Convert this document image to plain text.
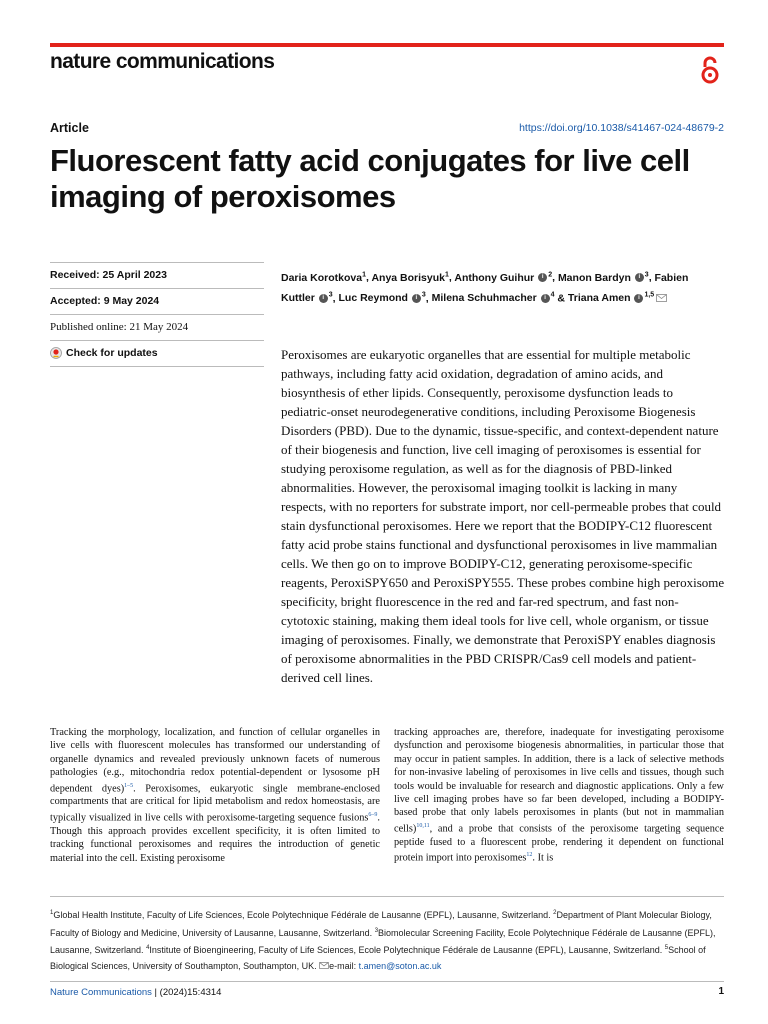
nature communications
Article	https://doi.org/10.1038/s41467-024-48679-2
Fluorescent fatty acid conjugates for live cell imaging of peroxisomes
Received: 25 April 2023
Accepted: 9 May 2024
Published online: 21 May 2024
Check for updates
Daria Korotkova$^1$, Anya Borisyuk$^1$, Anthony Guihur i $^2$, Manon Bardyn i $^3$, Fabien Kuttler i $^3$, Luc Reymond i $^3$, Milena Schuhmacher i $^4$ & Triana Amen i $^{1,5}$

Peroxisomes are eukaryotic organelles that are essential for multiple metabolic pathways, including fatty acid oxidation, degradation of amino acids, and biosynthesis of ether lipids. Consequently, peroxisome dysfunction leads to pediatric-onset neurodegenerative conditions, including Peroxisome Biogenesis Disorders (PBD). Due to the dynamic, tissue-specific, and context-dependent nature of their biogenesis and function, live cell imaging of peroxisomes is essential for studying peroxisome regulation, as well as for the diagnosis of PBD-linked abnormalities. However, the peroxisomal imaging toolkit is lacking in many respects, with no reporters for substrate import, nor cell-permeable probes that could stain dysfunctional peroxisomes. Here we report that the BODIPY-C12 fluorescent fatty acid probe stains functional and dysfunctional peroxisomes in live mammalian cells. We then go on to improve BODIPY-C12, generating peroxisome-specific reagents, PeroxiSPY650 and PeroxiSPY555. These probes combine high peroxisome specificity, bright fluorescence in the red and far-red spectrum, and fast non-cytotoxic staining, making them ideal tools for live cell, whole organism, or tissue imaging of peroxisomes. Finally, we demonstrate that PeroxiSPY enables diagnosis of peroxisome abnormalities in the PBD CRISPR/Cas9 cell models and patient-derived cell lines.

Tracking the morphology, localization, and function of cellular organelles in live cells with fluorescent molecules has transformed our understanding of organelle dynamics and revealed previously unknown facets of numerous pathologies (e.g., mitochondria redox potential-dependent or lysosome pH dependent dyes)$^{1-5}$. Peroxisomes, eukaryotic single membrane-enclosed compartments that are critical for lipid metabolism and redox homeostasis, are typically visualized in live cells with peroxisome-targeting sequence fusions$^{6-9}$. Though this approach provides excellent specificity, it is often limited to tracking functional peroxisomes and requires the introduction of genetic material into the cell. Existing peroxisome

tracking approaches are, therefore, inadequate for investigating peroxisome dysfunction and peroxisome biogenesis abnormalities, in particular those that may occur in patient samples. In addition, there is a lack of selective methods for non-invasive labeling of peroxisomes in live cells and tissues, though such tools would be invaluable for research and diagnostic applications. Only a few live cell imaging probes have so far been developed, including a BODIPY-based probe that only labels peroxisomes in plants (but not in mammalian cells)$^{10,11}$, and a probe that consists of the peroxisome targeting sequence peptide fused to a fluorescent probe, rendering it dependent on functional protein import into peroxisomes$^{12}$. It is

$^1$Global Health Institute, Faculty of Life Sciences, Ecole Polytechnique Fédérale de Lausanne (EPFL), Lausanne, Switzerland. $^2$Department of Plant Molecular Biology, Faculty of Biology and Medicine, University of Lausanne, Lausanne, Switzerland. $^3$Biomolecular Screening Facility, Ecole Polytechnique Fédérale de Lausanne (EPFL), Lausanne, Switzerland. $^4$Institute of Bioengineering, Faculty of Life Sciences, Ecole Polytechnique Fédérale de Lausanne (EPFL), Lausanne, Switzerland. $^5$School of Biological Sciences, University of Southampton, Southampton, UK. e-mail: t.amen@soton.ac.uk

Nature Communications | (2024)15:4314	1
